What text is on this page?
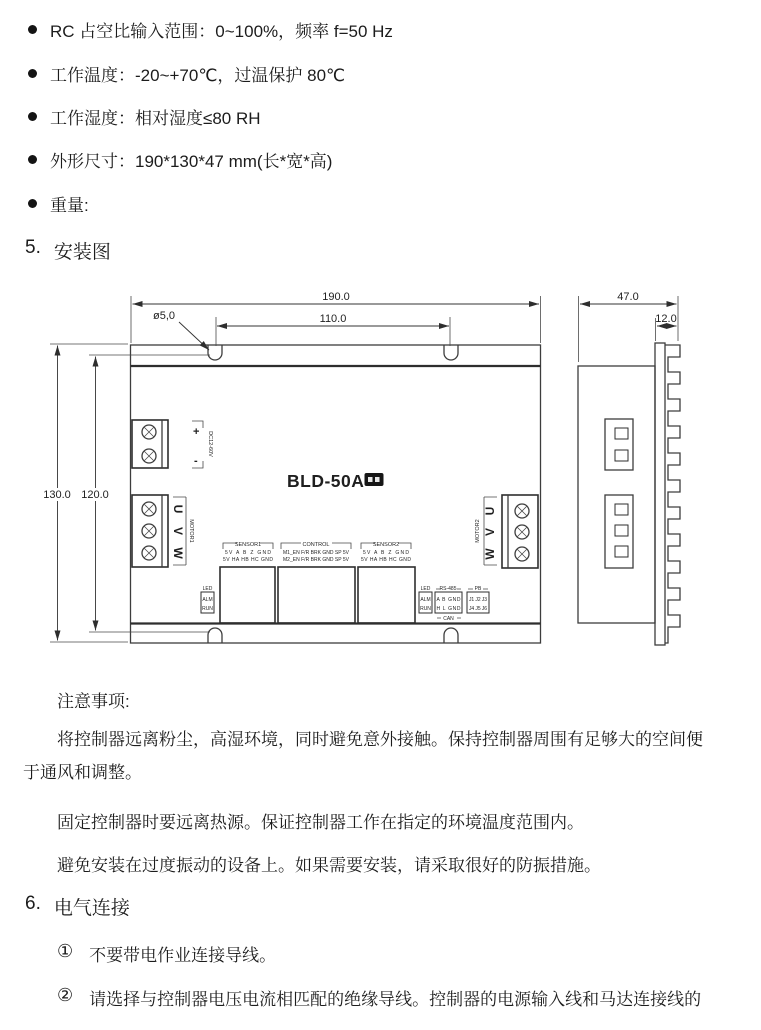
RC 占空比输入范围：0~100%，频率 f=50 Hz
工作温度：-20~+70℃，过温保护 80℃
工作湿度：相对湿度≤80 RH
外形尺寸：190*130*47 mm(长*宽*高)
重量:
5. 安装图
+
-
DC12-60V
U
V
W
MOTOR1
U
V
W
MOTOR2
BLD-50A
SENSOR1
5V A B Z GND
5V HA HB HC GND
CONTROL
M1_EN F/R BRK GND SP 5V
M2_EN F/R BRK GND SP 5V
SENSOR2
5V A B Z GND
5V HA HB HC GND
LED
ALM
RUN
LED
ALM
RUN
RS-485
A B GND
H L GND
CAN
PB
J1 J2 J3
J4 J5 J6
190.0
110.0
ø5,0
130.0 120.0
47.0
12.0
注意事项:

将控制器远离粉尘，高湿环境，同时避免意外接触。保持控制器周围有足够大的空间便于通风和调整。

固定控制器时要远离热源。保证控制器工作在指定的环境温度范围内。

避免安装在过度振动的设备上。如果需要安装，请采取很好的防振措施。

6. 电气连接
① 不要带电作业连接导线。
② 请选择与控制器电压电流相匹配的绝缘导线。控制器的电源输入线和马达连接线的
